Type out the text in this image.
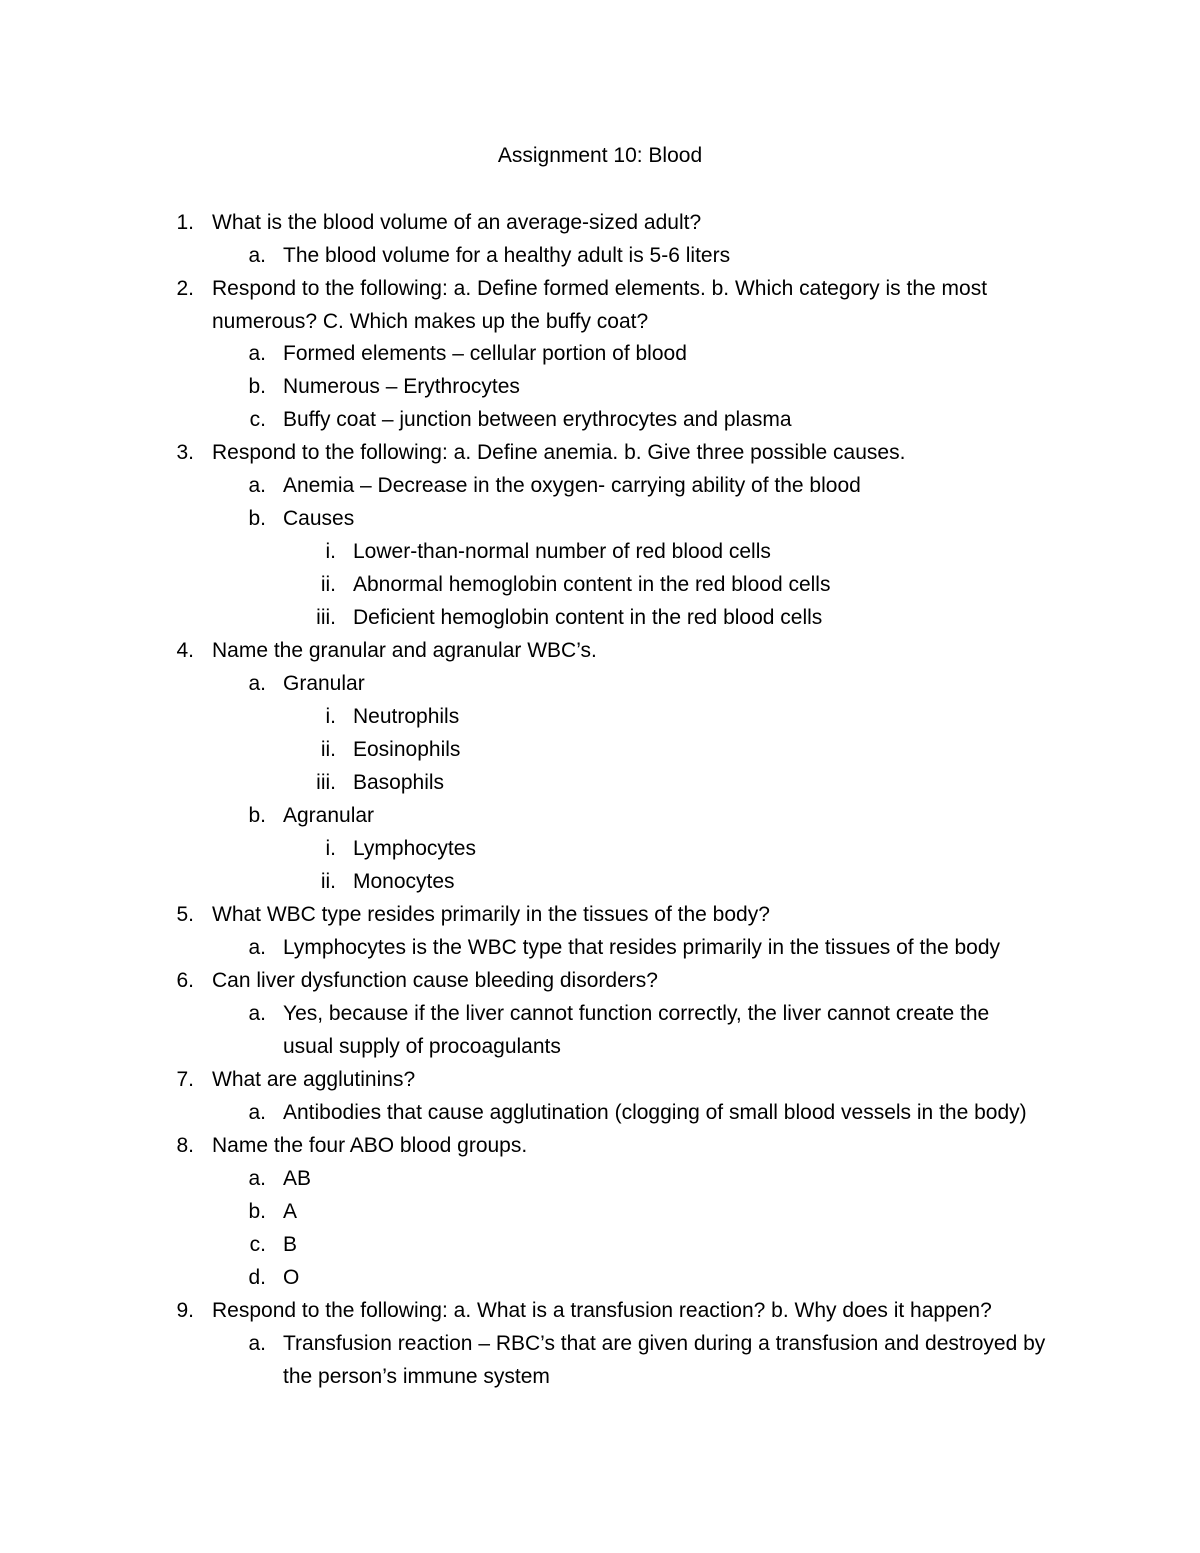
Assignment 10: Blood
1. What is the blood volume of an average-sized adult?
a. The blood volume for a healthy adult is 5-6 liters
2. Respond to the following: a. Define formed elements. b. Which category is the most
numerous? C. Which makes up the buffy coat?
a. Formed elements – cellular portion of blood
b. Numerous – Erythrocytes
c. Buffy coat – junction between erythrocytes and plasma
3. Respond to the following: a. Define anemia. b. Give three possible causes.
a. Anemia – Decrease in the oxygen- carrying ability of the blood
b. Causes
i. Lower-than-normal number of red blood cells
ii. Abnormal hemoglobin content in the red blood cells
iii. Deficient hemoglobin content in the red blood cells
4. Name the granular and agranular WBC’s.
a. Granular
i. Neutrophils
ii. Eosinophils
iii. Basophils
b. Agranular
i. Lymphocytes
ii. Monocytes
5. What WBC type resides primarily in the tissues of the body?
a. Lymphocytes is the WBC type that resides primarily in the tissues of the body
6. Can liver dysfunction cause bleeding disorders?
a. Yes, because if the liver cannot function correctly, the liver cannot create the
usual supply of procoagulants
7. What are agglutinins?
a. Antibodies that cause agglutination (clogging of small blood vessels in the body)
8. Name the four ABO blood groups.
a. AB
b. A
c. B
d. O
9. Respond to the following: a. What is a transfusion reaction? b. Why does it happen?
a. Transfusion reaction – RBC’s that are given during a transfusion and destroyed by
the person’s immune system
